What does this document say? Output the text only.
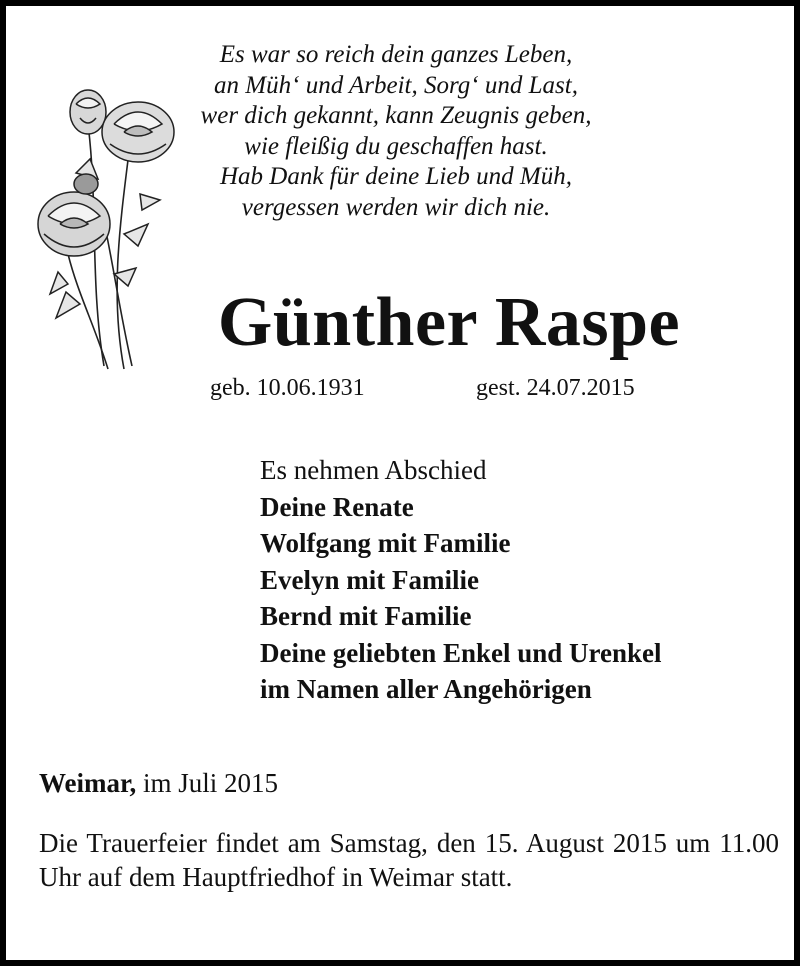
Es war so reich dein ganzes Leben,
an Müh‘ und Arbeit, Sorg‘ und Last,
wer dich gekannt, kann Zeugnis geben,
wie fleißig du geschaffen hast.
Hab Dank für deine Lieb und Müh,
vergessen werden wir dich nie.
Günther Raspe
geb. 10.06.1931	gest. 24.07.2015
Es nehmen Abschied
Deine Renate
Wolfgang mit Familie
Evelyn mit Familie
Bernd mit Familie
Deine geliebten Enkel und Urenkel
im Namen aller Angehörigen
Weimar, im Juli 2015
Die Trauerfeier findet am Samstag, den 15. August 2015 um 11.00 Uhr auf dem Hauptfriedhof in Weimar statt.
